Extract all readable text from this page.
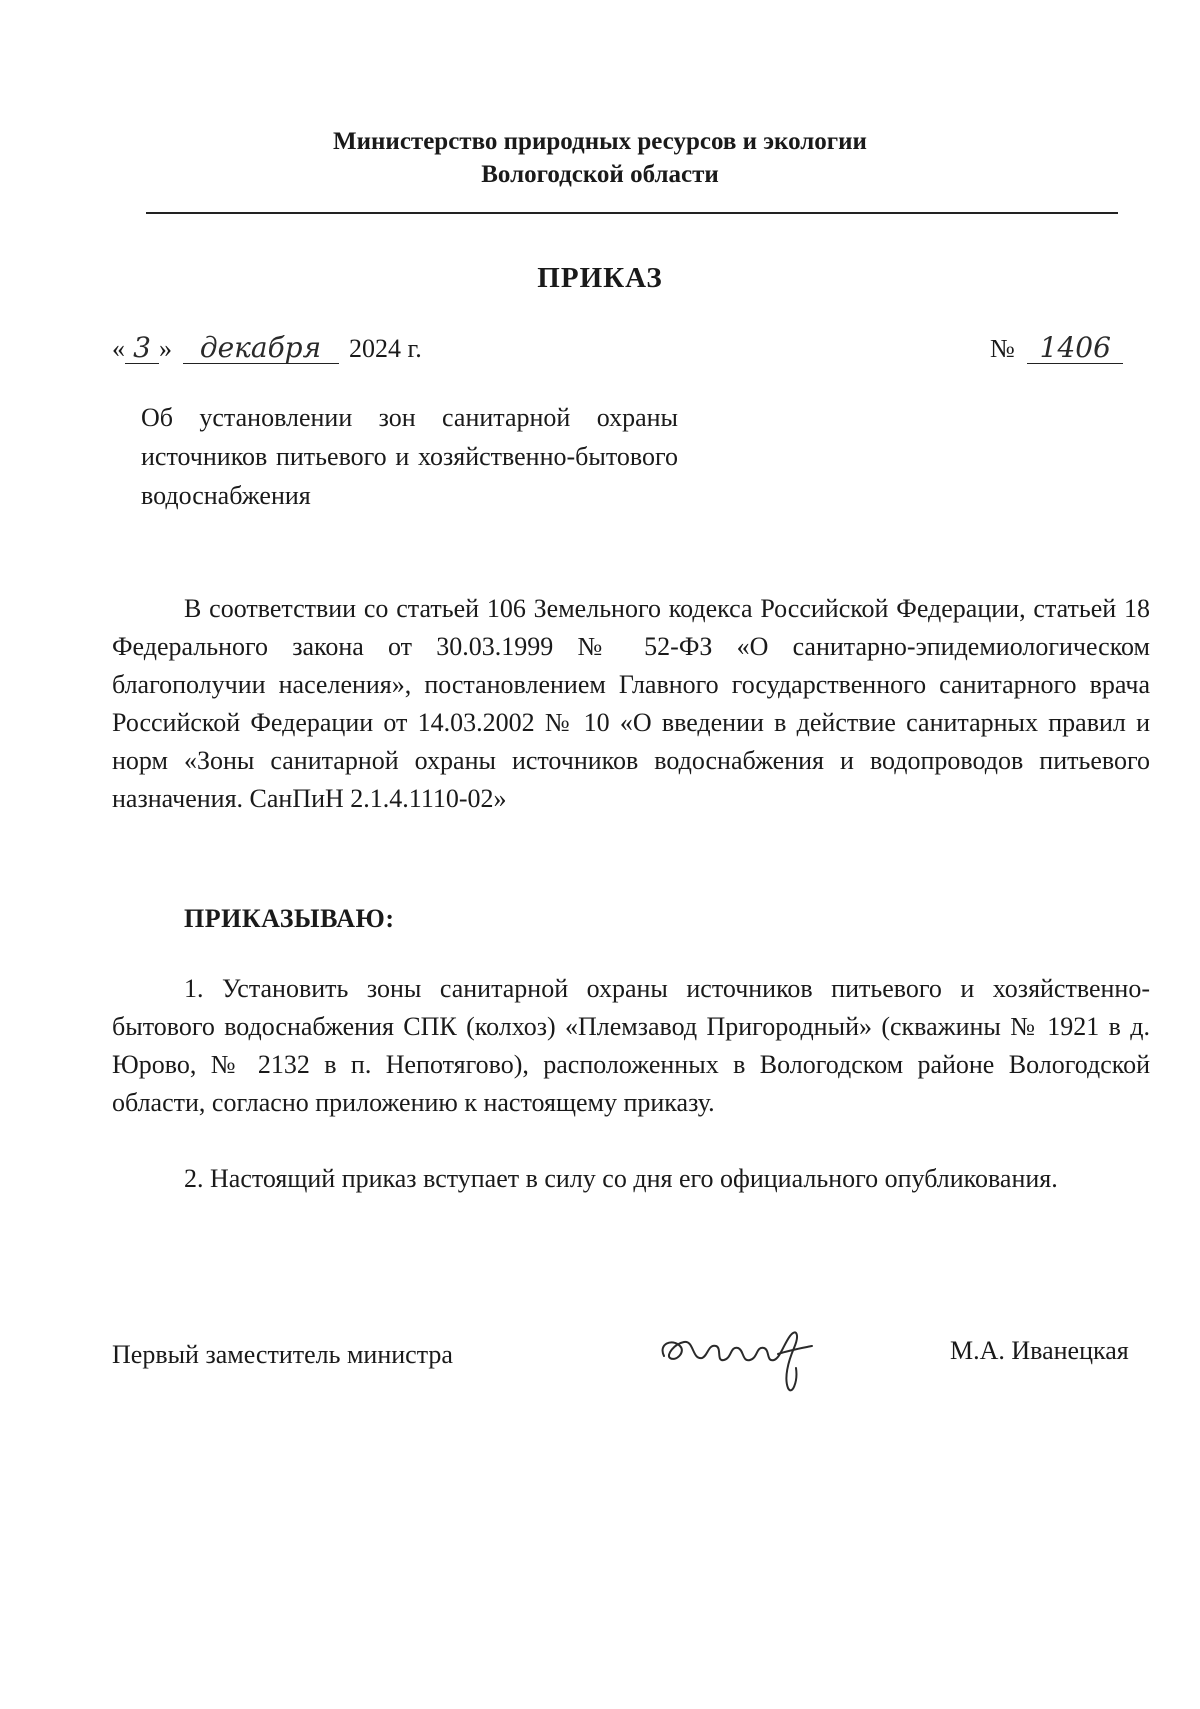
Министерство природных ресурсов и экологии
Вологодской области
ПРИКАЗ
« 3 » декабря 2024 г.	№ 1406
Об установлении зон санитарной охраны источников питьевого и хозяйственно-бытового водоснабжения
В соответствии со статьей 106 Земельного кодекса Российской Федерации, статьей 18 Федерального закона от 30.03.1999 № 52-ФЗ «О санитарно-эпидемиологическом благополучии населения», постановлением Главного государственного санитарного врача Российской Федерации от 14.03.2002 № 10 «О введении в действие санитарных правил и норм «Зоны санитарной охраны источников водоснабжения и водопроводов питьевого назначения. СанПиН 2.1.4.1110-02»
ПРИКАЗЫВАЮ:
1. Установить зоны санитарной охраны источников питьевого и хозяйственно-бытового водоснабжения СПК (колхоз) «Племзавод Пригородный» (скважины № 1921 в д. Юрово, № 2132 в п. Непотягово), расположенных в Вологодском районе Вологодской области, согласно приложению к настоящему приказу.
2. Настоящий приказ вступает в силу со дня его официального опубликования.
Первый заместитель министра	М.А. Иванецкая
